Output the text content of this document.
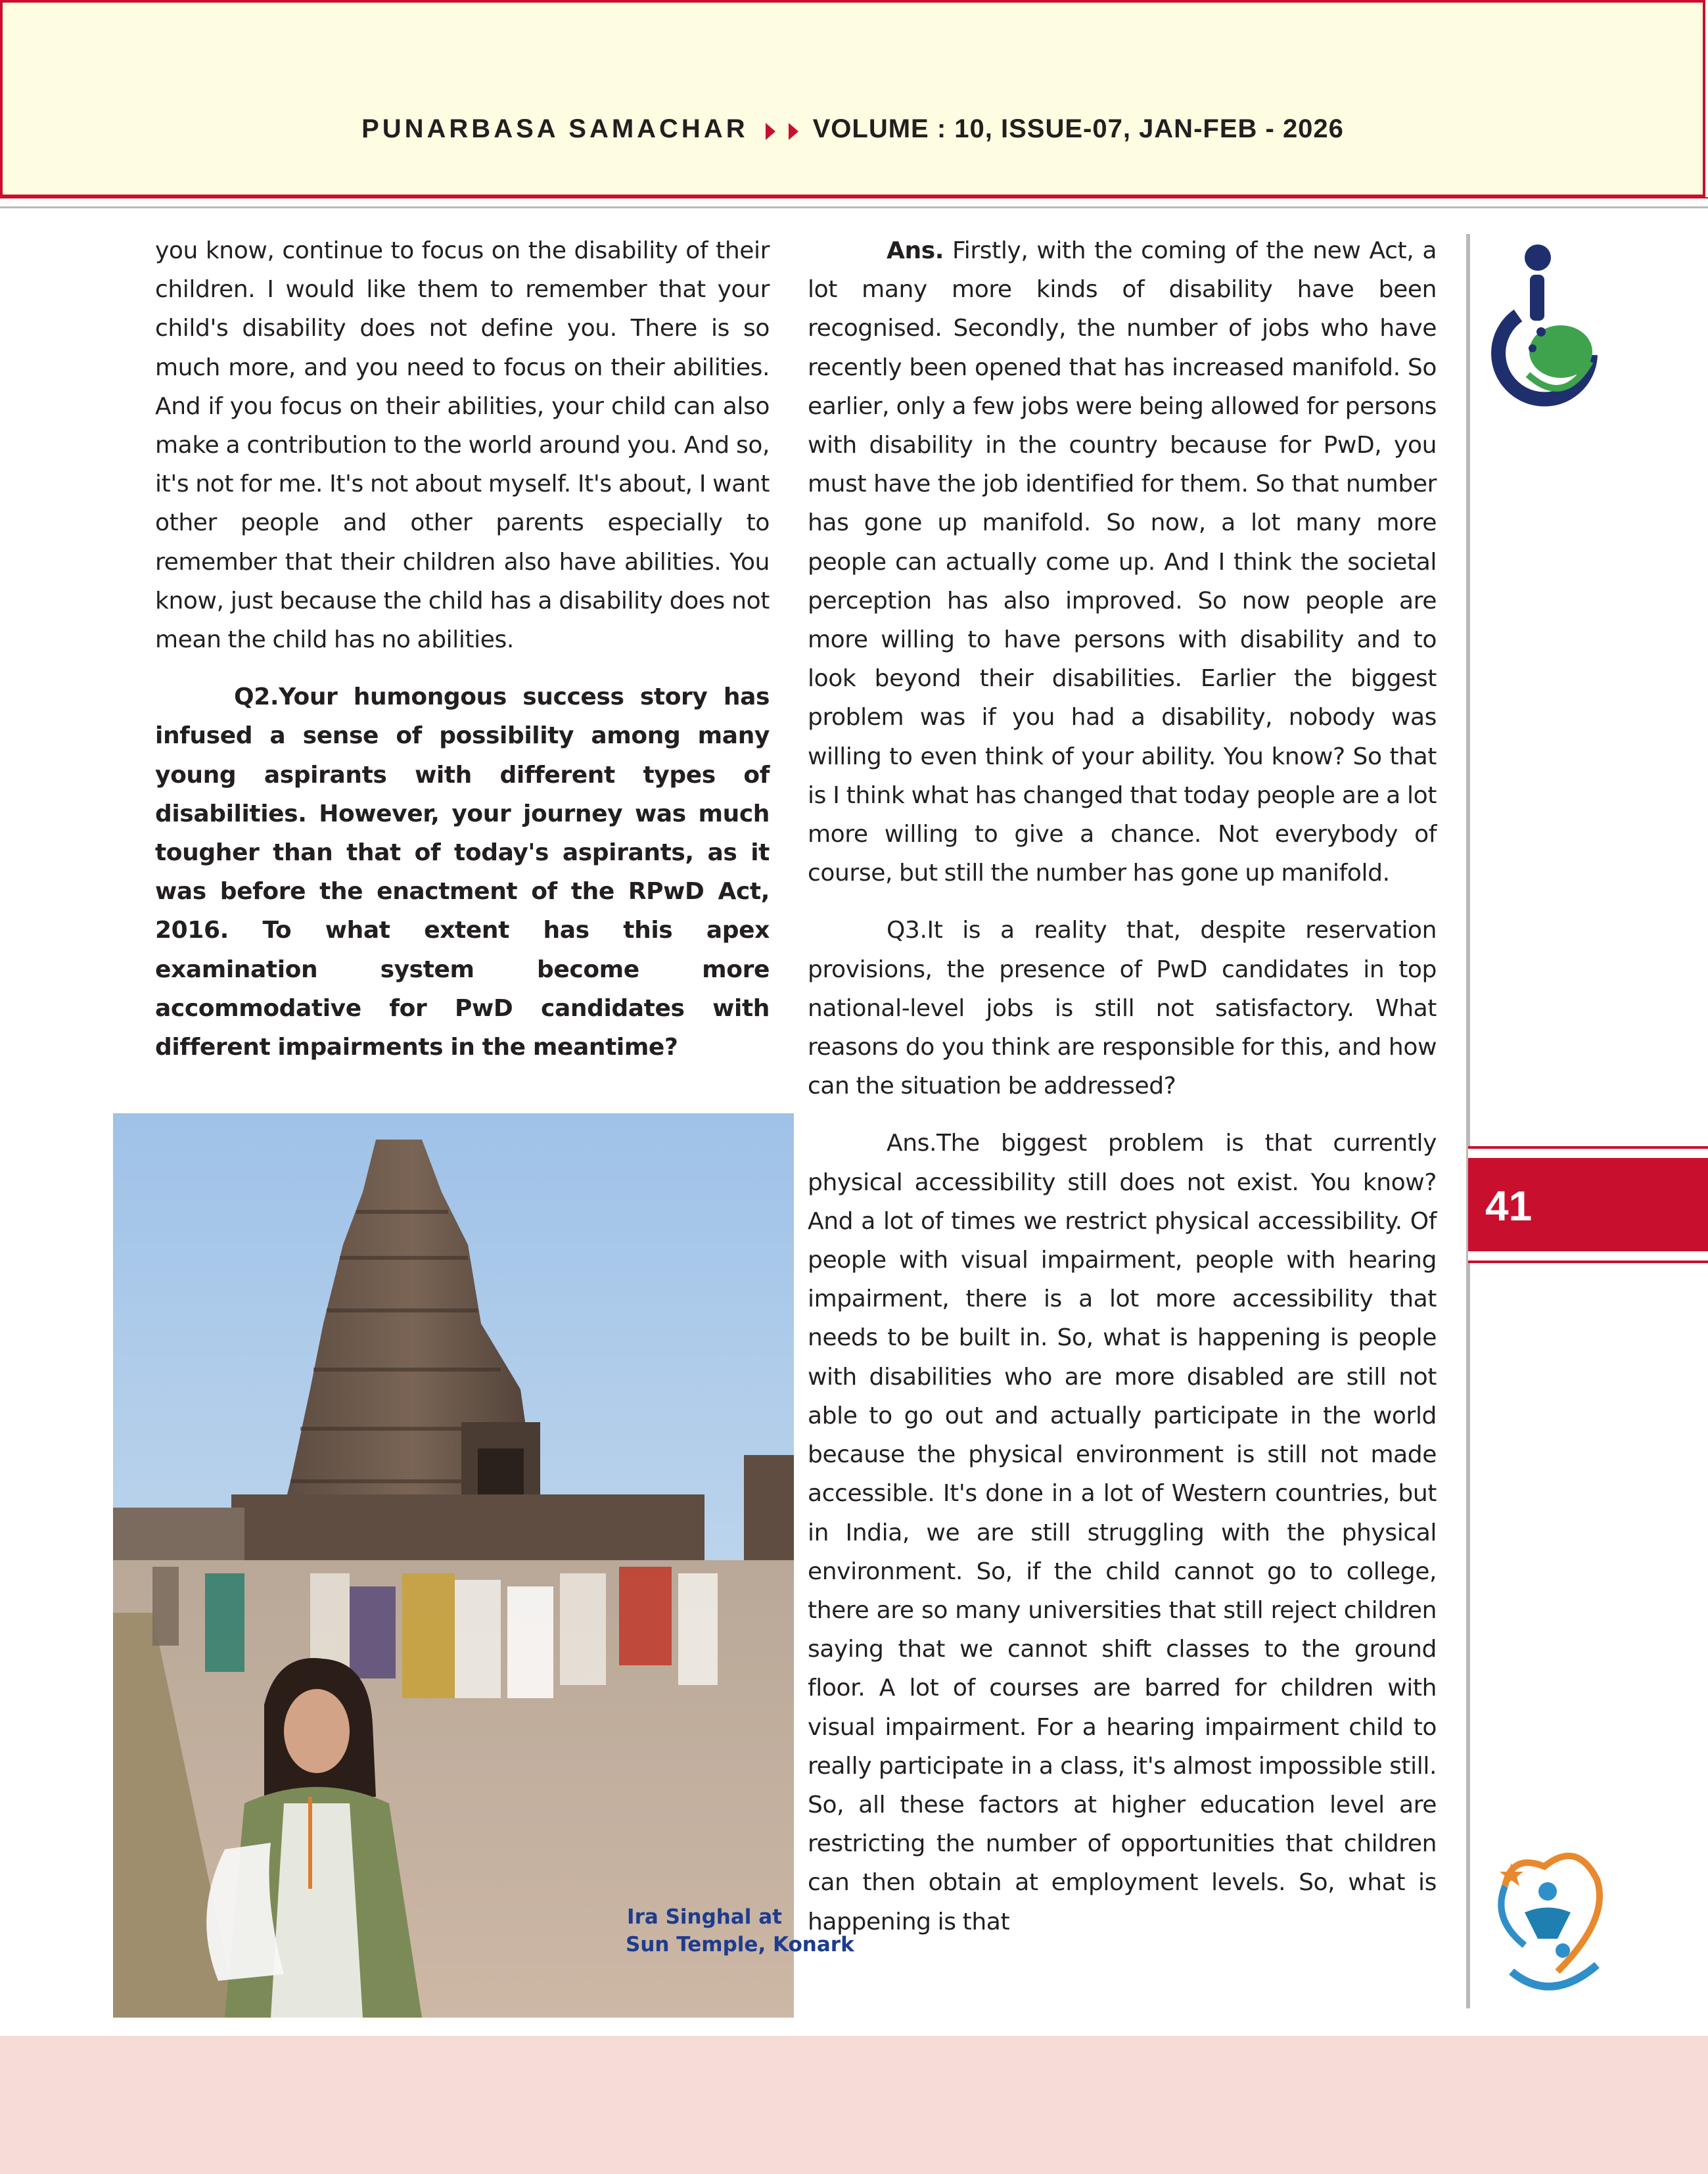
PUNARBASA SAMACHAR VOLUME : 10, ISSUE-07, JAN-FEB - 2026

you know, continue to focus on the disability of their children. I would like them to remember that your child's disability does not define you. There is so much more, and you need to focus on their abilities. And if you focus on their abilities, your child can also make a contribution to the world around you. And so, it's not for me. It's not about myself. It's about, I want other people and other parents especially to remember that their children also have abilities. You know, just because the child has a disability does not mean the child has no abilities.

Q2.Your humongous success story has infused a sense of possibility among many young aspirants with different types of disabilities. However, your journey was much tougher than that of today's aspirants, as it was before the enactment of the RPwD Act, 2016. To what extent has this apex examination system become more accommodative for PwD candidates with different impairments in the meantime?

Ira Singhal at
Sun Temple, Konark

Ans. Firstly, with the coming of the new Act, a lot many more kinds of disability have been recognised. Secondly, the number of jobs who have recently been opened that has increased manifold. So earlier, only a few jobs were being allowed for persons with disability in the country because for PwD, you must have the job identified for them. So that number has gone up manifold. So now, a lot many more people can actually come up. And I think the societal perception has also improved. So now people are more willing to have persons with disability and to look beyond their disabilities. Earlier the biggest problem was if you had a disability, nobody was willing to even think of your ability. You know? So that is I think what has changed that today people are a lot more willing to give a chance. Not everybody of course, but still the number has gone up manifold.

Q3.It is a reality that, despite reservation provisions, the presence of PwD candidates in top national-level jobs is still not satisfactory. What reasons do you think are responsible for this, and how can the situation be addressed?

Ans.The biggest problem is that currently physical accessibility still does not exist. You know? And a lot of times we restrict physical accessibility. Of people with visual impairment, people with hearing impairment, there is a lot more accessibility that needs to be built in. So, what is happening is people with disabilities who are more disabled are still not able to go out and actually participate in the world because the physical environment is still not made accessible. It's done in a lot of Western countries, but in India, we are still struggling with the physical environment. So, if the child cannot go to college, there are so many universities that still reject children saying that we cannot shift classes to the ground floor. A lot of courses are barred for children with visual impairment. For a hearing impairment child to really participate in a class, it's almost impossible still. So, all these factors at higher education level are restricting the number of opportunities that children can then obtain at employment levels. So, what is happening is that

41
